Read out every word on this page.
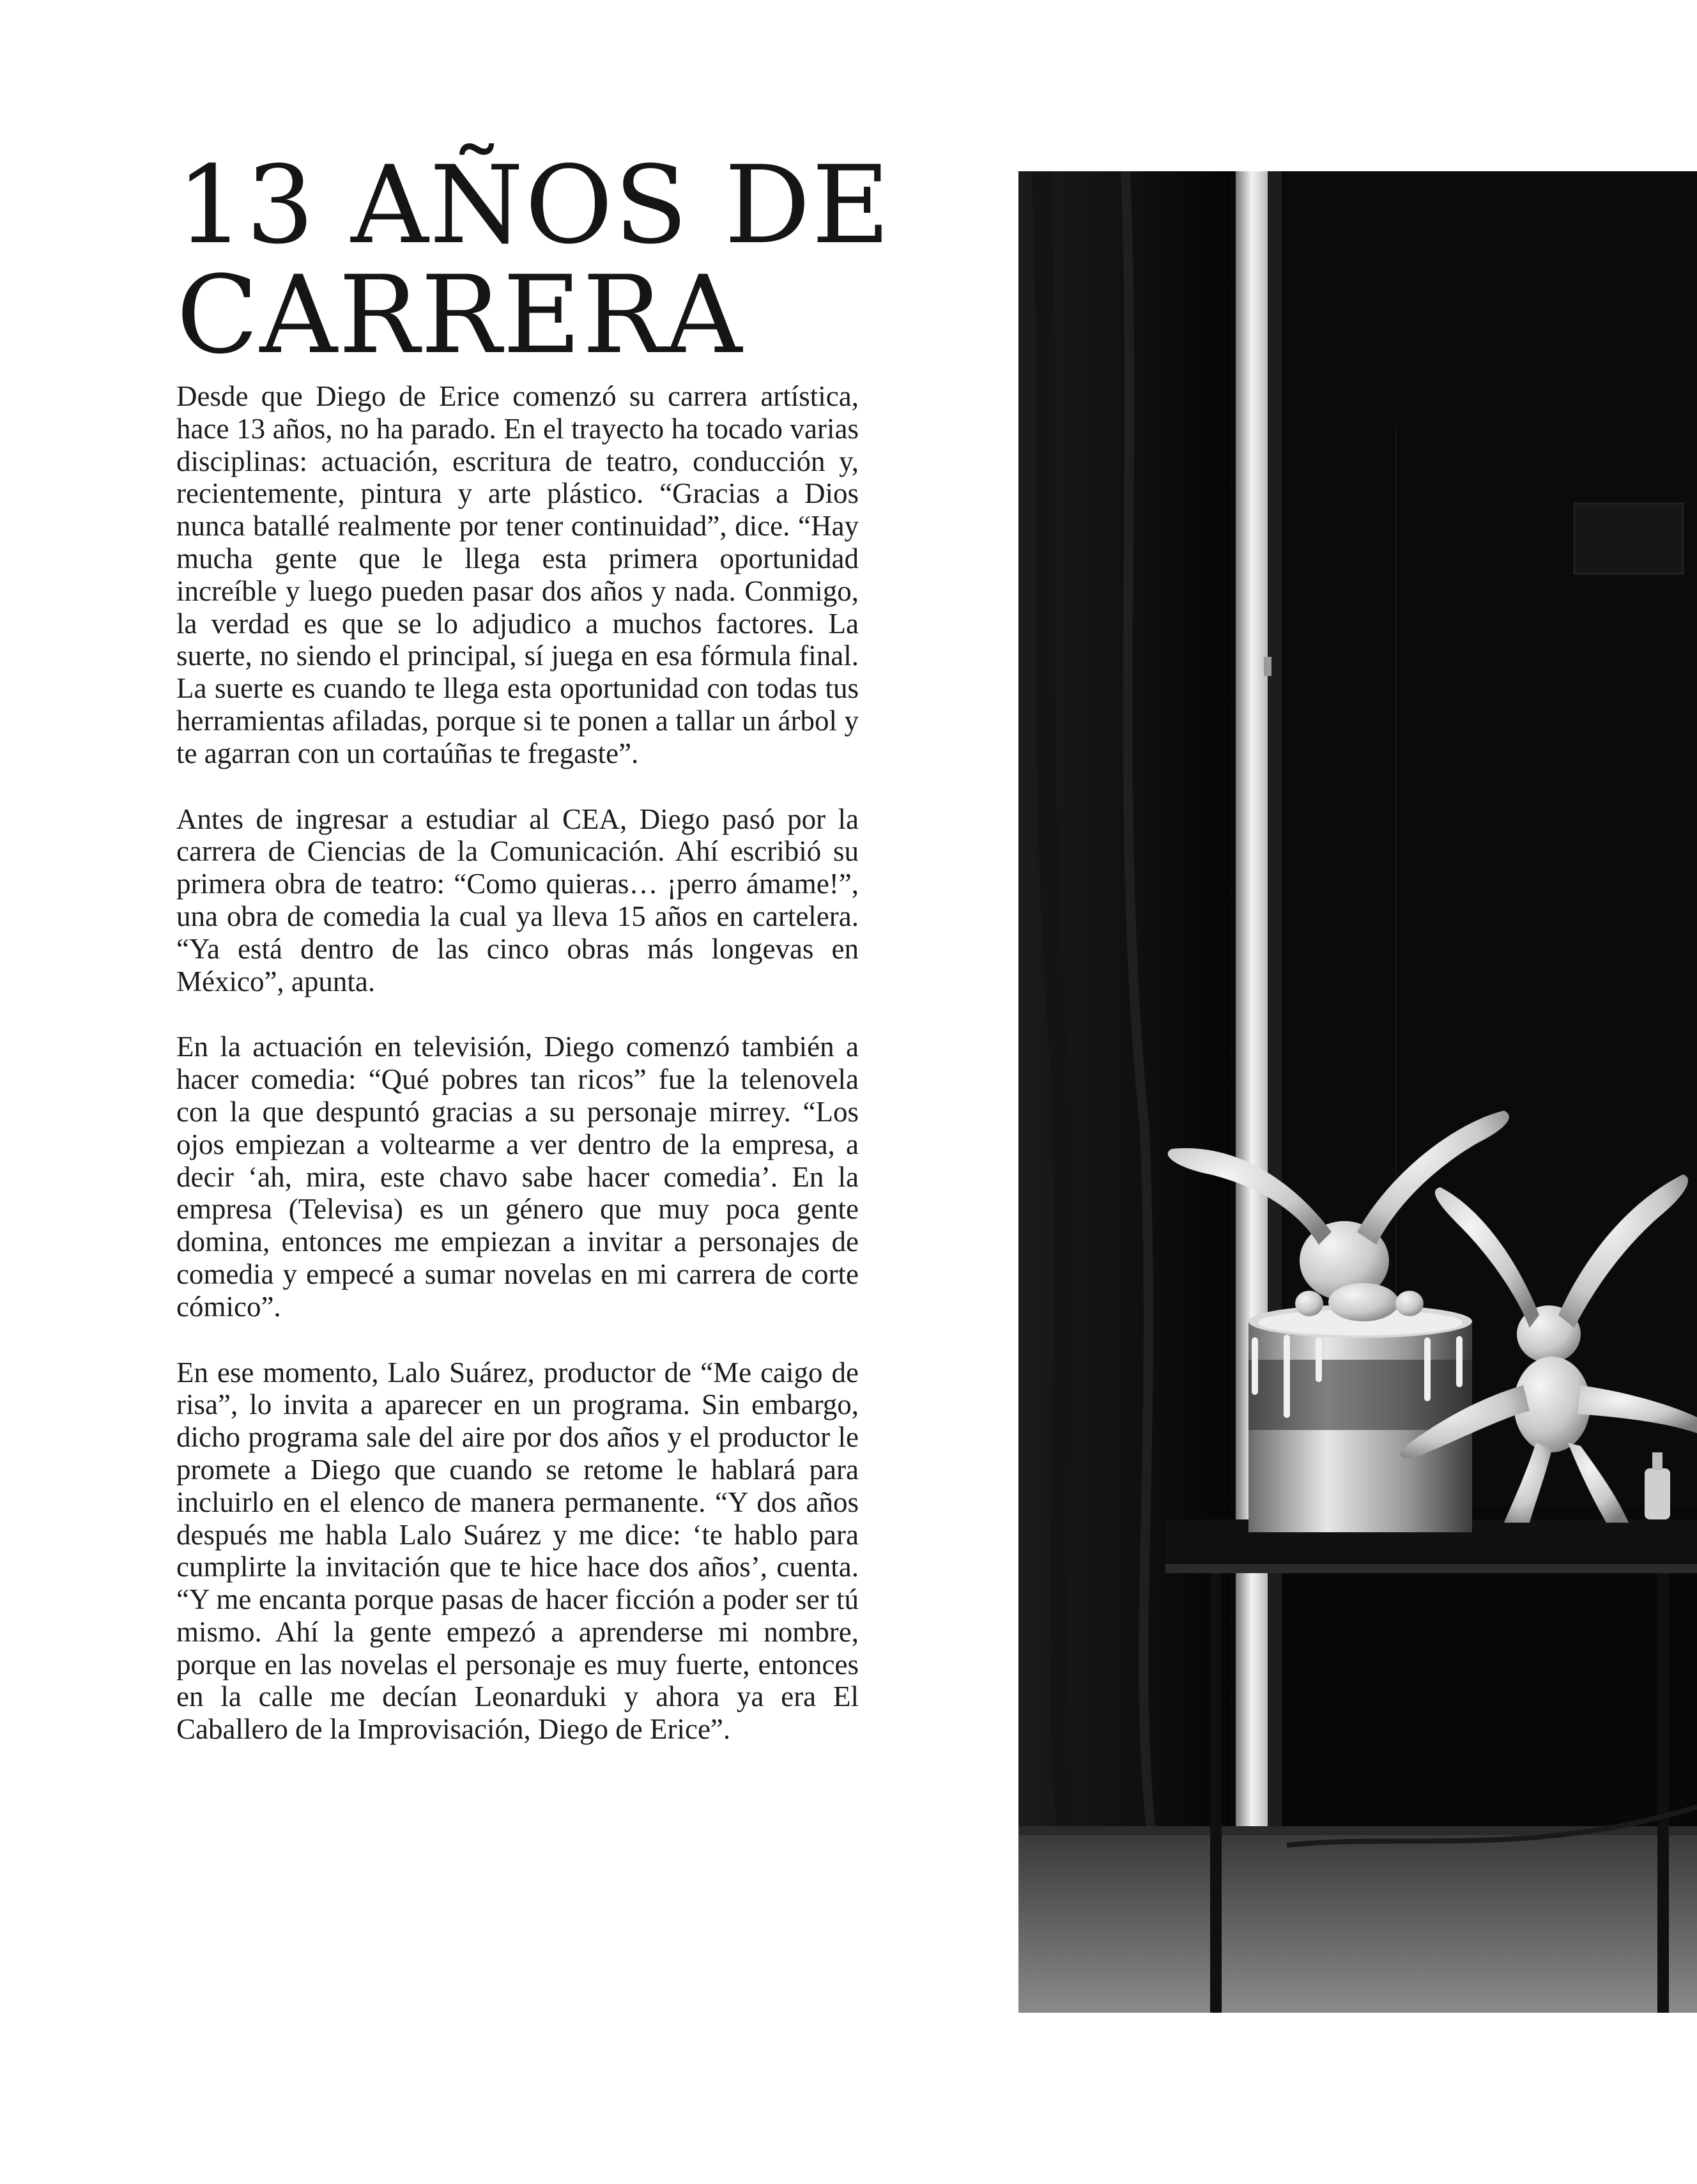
13 AÑOS DE
CARRERA

Desde que Diego de Erice comenzó su carrera artística, hace 13 años, no ha parado. En el trayecto ha tocado varias disciplinas: actuación, escritura de teatro, conducción y, recientemente, pintura y arte plástico. “Gracias a Dios nunca batallé realmente por tener continuidad”, dice. “Hay mucha gente que le llega esta primera oportunidad increíble y luego pueden pasar dos años y nada. Conmigo, la verdad es que se lo adjudico a muchos factores. La suerte, no siendo el principal, sí juega en esa fórmula final. La suerte es cuando te llega esta oportunidad con todas tus herramientas afiladas, porque si te ponen a tallar un árbol y te agarran con un cortaúñas te fregaste”.

Antes de ingresar a estudiar al CEA, Diego pasó por la carrera de Ciencias de la Comunicación. Ahí escribió su primera obra de teatro: “Como quieras… ¡perro ámame!”, una obra de comedia la cual ya lleva 15 años en cartelera. “Ya está dentro de las cinco obras más longevas en México”, apunta.

En la actuación en televisión, Diego comenzó también a hacer comedia: “Qué pobres tan ricos” fue la telenovela con la que despuntó gracias a su personaje mirrey. “Los ojos empiezan a voltearme a ver dentro de la empresa, a decir ‘ah, mira, este chavo sabe hacer comedia’. En la empresa (Televisa) es un género que muy poca gente domina, entonces me empiezan a invitar a personajes de comedia y empecé a sumar novelas en mi carrera de corte cómico”.

En ese momento, Lalo Suárez, productor de “Me caigo de risa”, lo invita a aparecer en un programa. Sin embargo, dicho programa sale del aire por dos años y el productor le promete a Diego que cuando se retome le hablará para incluirlo en el elenco de manera permanente. “Y dos años después me habla Lalo Suárez y me dice: ‘te hablo para cumplirte la invitación que te hice hace dos años’, cuenta. “Y me encanta porque pasas de hacer ficción a poder ser tú mismo. Ahí la gente empezó a aprenderse mi nombre, porque en las novelas el personaje es muy fuerte, entonces en la calle me decían Leonarduki y ahora ya era El Caballero de la Improvisación, Diego de Erice”.
